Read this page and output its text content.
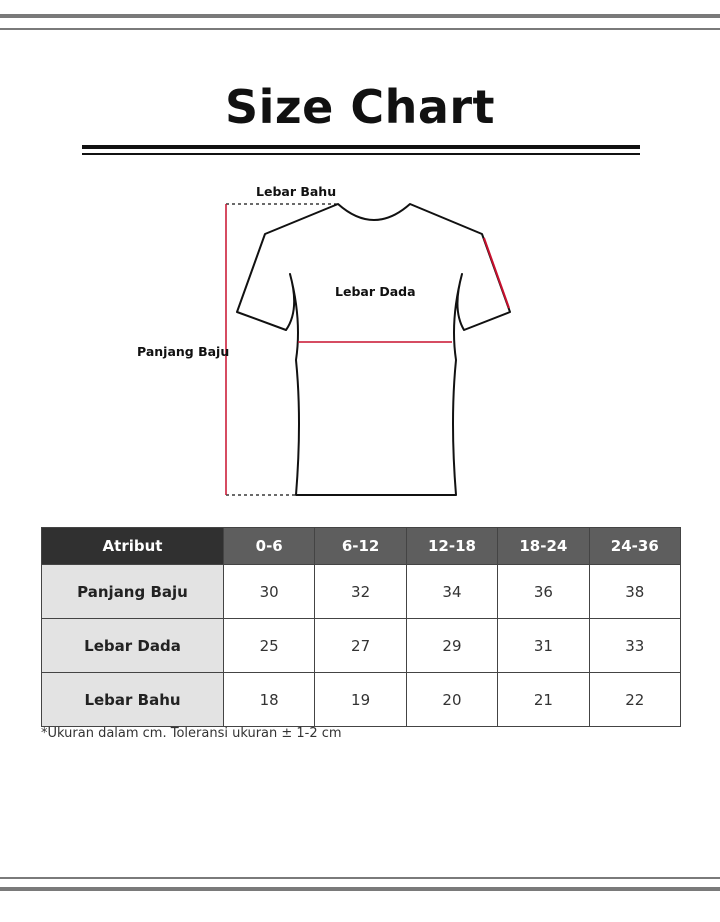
Size Chart
Lebar Bahu
Lebar Dada
Panjang Baju
Atribut	0-6	6-12	12-18	18-24	24-36
Panjang Baju	30	32	34	36	38
Lebar Dada	25	27	29	31	33
Lebar Bahu	18	19	20	21	22
*Ukuran dalam cm. Toleransi ukuran ± 1-2 cm
